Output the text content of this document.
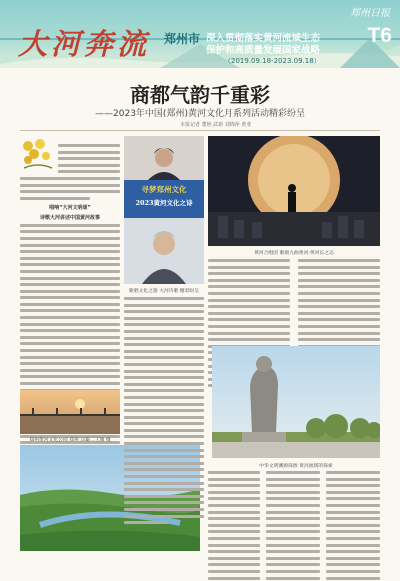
大河奔流 郑州市 深入贯彻落实黄河流域生态
保护和高质量发展国家战略
（2019.09.18-2023.09.18）
郑州日报
T6
商都气韵千重彩
——2023年中国(郑州)黄河文化月系列活动精彩纷呈
本报记者 董艳 武新 刘锦萍 黄亚
唱响“大河文明颂”
诗歌大河讲述中国黄河故事
郑州黄河文化公园 郑州 汉霸二王城 摄
寻梦郑州文化
2023黄河文化之诗
歌唱文化之旅 大河诗歌 精彩纷呈
黄河合唱团 歌颂九曲黄河·黄河长之志
中华文明溯源探源 黄河流域的探索
